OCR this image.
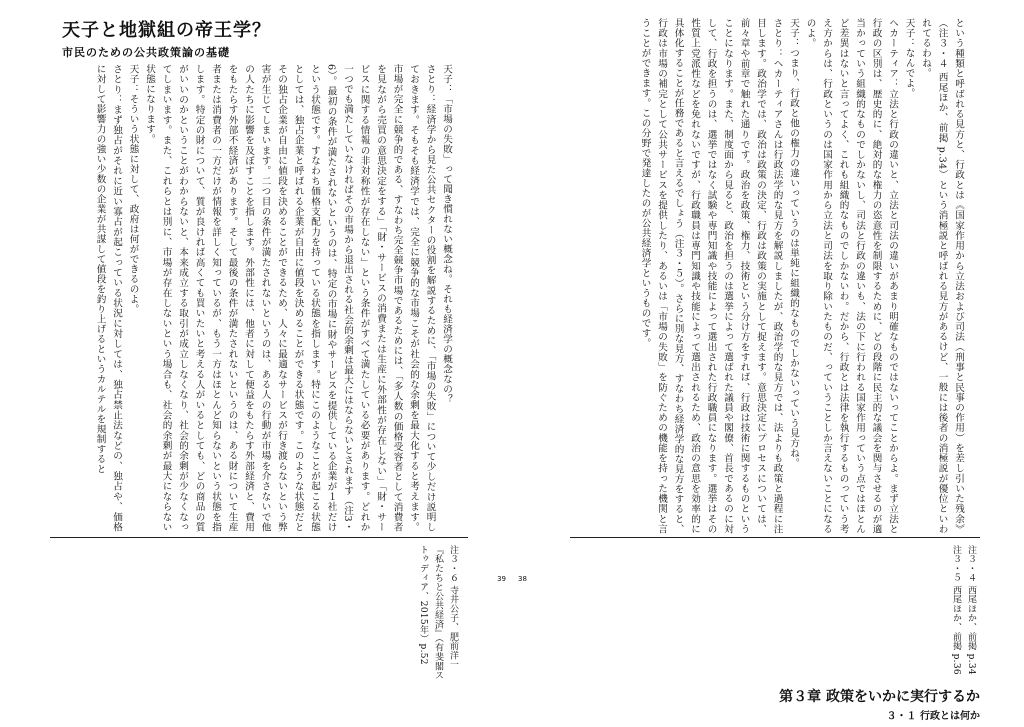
天子と地獄組の帝王学？
市民のための公共政策論の基礎

天子：「市場の失敗」って聞き慣れない概念ね。それも経済学の概念なの？

さとり：経済学から見た公共セクターの役割を解説するために、「市場の失敗」について少しだけ説明しておきます。そもそも経済学では、完全に競争的な市場こそが社会的な余剰を最大化すると考えます。市場が完全に競争的である、すなわち完全競争市場であるためには、「多人数の価格受容者として消費者を見ながら売買の意思決定をする」「財・サービスの消費または生産に外部性が存在しない」「財・サービスに関する情報の非対称性が存在しない」という条件がすべて満たしている必要があります。どれか一つでも満たしていなければその市場から退出される社会的余剰は最大にはならないとされます（注3・6）。最初の条件が満たされないというのは、特定の市場に財やサービスを提供している企業が１社だけという状態です。すなわち価格支配力を持っている状態を指します。特にこのようなことが起こる状態としては、独占企業と呼ばれる企業が自由に値段を決めることができる状態です。このような状態だとその独占企業が自由に値段を決めることができるため、人々に最適なサービスが行き渡らないという弊害が生じてしまいます。二つ目の条件が満たされないというのは、ある人の行動が市場を介さないで他の人たちに影響を及ぼすことを指します。外部性には、他者に対して便益をもたらす外部経済と、費用をもたらす外部不経済があります。そして最後の条件が満たされないというのは、ある財について生産者または消費者の一方だけが情報を詳しく知っているが、もう一方はほとんど知らないという状態を指します。特定の財について、質が良ければ高くても買いたいと考える人がいるとしても、どの商品の質がいいのかということがわからないと、本来成立する取引が成立しなくなり、社会的余剰が少なくなってしまいます。また、これらとは別に、市場が存在しないという場合も、社会的余剰が最大にならない状態になります。

天子：そういう状態に対して、政府は何ができるのよ。

さとり：まず独占がそれに近い寡占が起こっている状況に対しては、独占禁止法などの、独占や、価格に対して影響力の強い少数の企業が共謀して値段を釣り上げるというカルテルを規制すると

注３・６ 寺井公子、肥前洋一『私たちと公共経済』（有斐閣ストゥディア、2015年）p.52	39

という種類と呼ばれる見方と、行政とは《国家作用から立法および司法（刑事と民事の作用）を差し引いた残余》（注３・４ 西尾ほか、前掲 p.34）という消極説と呼ばれる見方があるけど、一般には後者の消極説が優位といわれてるわね。

天子：なんでよ。

ヘカーティア：立法と行政の違いと、立法と司法の違いがあまり明確なものではないってことからよ。まず立法と行政の区別は、歴史的に、絶対的な権力の恣意性を制限するために、どの段階に民主的な議会を関与させるのが適当かっていう組織的なものでしかないし、司法と行政の違いも、法の下に行われる国家作用っていう点ではほとんど差異はないと言ってよく、これも組織的なものでしかないわ。だから、行政とは法律を執行するものっていう考え方からは、行政というのは国家作用から立法と司法を取り除いたものだ、っていうことしか言えないことになるのよ。

天子：つまり、行政と他の権力の違いっていうのは単純に組織的なものでしかないっていう見方ね。

さとり：ヘカーティアさんは行政法学的な見方を解説しましたが、政治学的な見方では、法よりも政策と過程に注目します。政治学では、政治は政策の決定、行政は政策の実施として捉えます。意思決定にプロセスについては、前々章や前章で触れた通りです。政治を政策、権力、技術という分け方をすれば、行政は技術に関するものということになります。また、制度面から見ると、政治を担うのは選挙によって選ばれた議員や閣僚、首長であるのに対して、行政を担うのは、選挙ではなく試験や専門知識や技能によって選出された行政職員になります。選挙はその性質上党派性などを免れないですが、行政職員は専門知識や技能によって選出されるため、政治の意思を効率的に具体化することが任務であると言えるでしょう（注３・５）。さらに別な見方、すなわち経済学的な見方をすると、行政は市場の補完として公共サービスを提供したり、あるいは「市場の失敗」を防ぐための機能を持った機関と言うことができます。この分野で発達したのが公共経済学というものです。

注３・４ 西尾ほか、前掲 p.34

注３・５ 西尾ほか、前掲 p.36

38
第３章 政策をいかに実行するか
３・１ 行政とは何か
